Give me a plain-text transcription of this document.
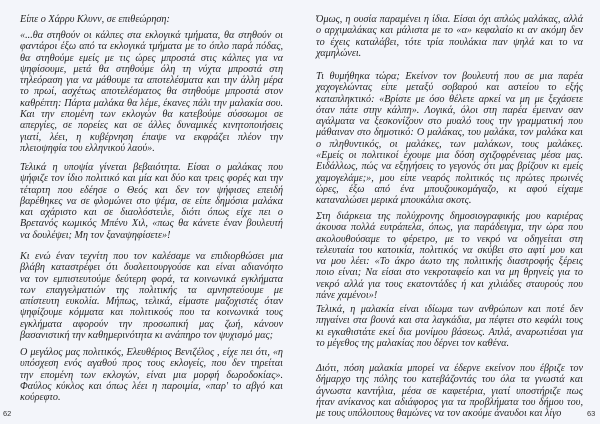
Είπε ο Χάρρυ Κλυνν, σε επιθεώρηση:
«...θα στηθούν οι κάλπες στα εκλογικά τμήματα, θα στηθούν οι
φαντάροι έξω από τα εκλογικά τμήματα με το όπλο παρά πόδας,
θα στηθούμε εμείς με τις ώρες μπροστά στις κάλπες για να
ψηφίσουμε, μετά θα στηθούμε όλη τη νύχτα μπροστά στη
τηλεόραση για να μάθουμε τα αποτελέσματα και την άλλη μέρα
το πρωί, ασχέτως αποτελέσματος θα στηθούμε μπροστά στον
καθρέπτη: Πάρτα μαλάκα θα λέμε, έκανες πάλι την μαλακία σου.
Και την επομένη των εκλογών θα κατεβούμε σύσσωμοι σε
απεργίες, σε πορείες και σε άλλες δυναμικές κινητοποιήσεις
γιατί, λέει, η κυβέρνηση έπαψε να εκφράζει πλέον την
πλειοψηφία του ελληνικού λαού».
Τελικά η υποψία γίνεται βεβαιότητα. Είσαι ο μαλάκας που
ψήφιζε τον ίδιο πολιτικό και μία και δύο και τρεις φορές και την
τέταρτη που εδέησε ο Θεός και δεν τον ψήφισες επειδή
βαρέθηκες να σε φλομώνει στο ψέμα, σε είπε δημόσια μαλάκα
και αχάριστο και σε διαολόστειλε, διότι όπως είχε πει ο
Βρετανός κωμικός Μπένυ Χιλ, «πως θα κάνετε έναν βουλευτή
να δουλέψει; Μη τον ξαναψηφίσετε»!
Κι ενώ έναν τεχνίτη που τον καλέσαμε να επιδιορθώσει μια
βλάβη καταστρέφει ότι δυσλειτουργούσε και είναι αδιανόητο
να τον εμπιστευτούμε δεύτερη φορά, τα κοινωνικά εγκλήματα
των επαγγελματιών της πολιτικής τα αμνηστεύουμε με
απίστευτη ευκολία. Μήπως, τελικά, είμαστε μαζοχιστές όταν
ψηφίζουμε κόμματα και πολιτικούς που τα κοινωνικά τους
εγκλήματα αφορούν την προσωπική μας ζωή, κάνουν
βασανιστική την καθημερινότητα κι ανάπηρο τον ψυχισμό μας;
Ο μεγάλος μας πολιτικός, Ελευθέριος Βενιζέλος , είχε πει ότι, «η
υπόσχεση ενός αγαθού προς τους εκλογείς, που δεν τηρείται
την επομένη των εκλογών, είναι μια μορφή δωροδοκίας».
Φαύλος κύκλος και όπως λέει η παροιμία, «παρ' το αβγό και
κούρεφτο.
62
Όμως, η ουσία παραμένει η ίδια. Είσαι όχι απλώς μαλάκας, αλλά
ο αρχιμαλάκας και μάλιστα με το «α» κεφαλαίο κι αν ακόμη δεν
το έχεις καταλάβει, τότε τρία πουλάκια παν ψηλά και το να
χαμηλώνει.
Τι θυμήθηκα τώρα; Εκείνον τον βουλευτή που σε μια παρέα
χαχογελώντας είπε μεταξύ σοβαρού και αστείου το εξής
καταπληκτικό: «Βρίστε με όσο θέλετε αρκεί να μη με ξεχάσετε
όταν πάτε στην κάλπη». Λογικά, όλοι στη παρέα έμειναν σαν
αγάλματα να ξεσκονίζουν στο μυαλό τους την γραμματική που
μάθαιναν στο δημοτικό: Ο μαλάκας, του μαλάκα, τον μαλάκα και
ο πληθυντικός, οι μαλάκες, των μαλάκων, τους μαλάκες.
«Εμείς οι πολιτικοί έχουμε μια δόση σχιζοφρένειας μέσα μας.
Ειδάλλως, πώς να εξηγήσεις το γεγονός ότι μας βρίζουν κι εμείς
χαμογελάμε;», μου είπε νεαρός πολιτικός τις πρώτες πρωινές
ώρες, έξω από ένα μπουζουκομάγαζο, κι αφού είχαμε
καταναλώσει μερικά μπουκάλια σκοτς.
Στη διάρκεια της πολύχρονης δημοσιογραφικής μου καριέρας
άκουσα πολλά ευτράπελα, όπως, για παράδειγμα, την ώρα που
ακολουθούσαμε το φέρετρο, με το νεκρό να οδηγείται στη
τελευταία του κατοικία, πολιτικός να σκύβει στο αφτί μου και
να μου λέει: «Το άκρο άωτο της πολιτικής διαστροφής ξέρεις
ποιο είναι; Να είσαι στο νεκροταφείο και να μη θρηνείς για το
νεκρό αλλά για τους εκατοντάδες ή και χιλιάδες σταυρούς που
πάνε χαμένοι»!
Τελικά, η μαλακία είναι ιδίωμα των ανθρώπων και ποτέ δεν
πηγαίνει στα βουνά και στα λαγκάδια, μα πέφτει στο κεφάλι τους
κι εγκαθιστάτε εκεί δια μονίμου βάσεως. Απλά, αναρωτιέσαι για
το μέγεθος της μαλακίας που δέρνει τον καθένα.
Διότι, πόση μαλακία μπορεί να έδερνε εκείνον που έβριζε τον
δήμαρχο της πόλης του κατεβάζοντάς του όλα τα γνωστά και
άγνωστα καντήλια, μέσα σε καφετέρια, γιατί υποστήριζε πως
ήταν ανίκανος και αδιάφορος για τα προβλήματα του δήμου του,
με τους υπόλοιπους θαμώνες να τον ακούμε άναυδοι και λίγο	63
